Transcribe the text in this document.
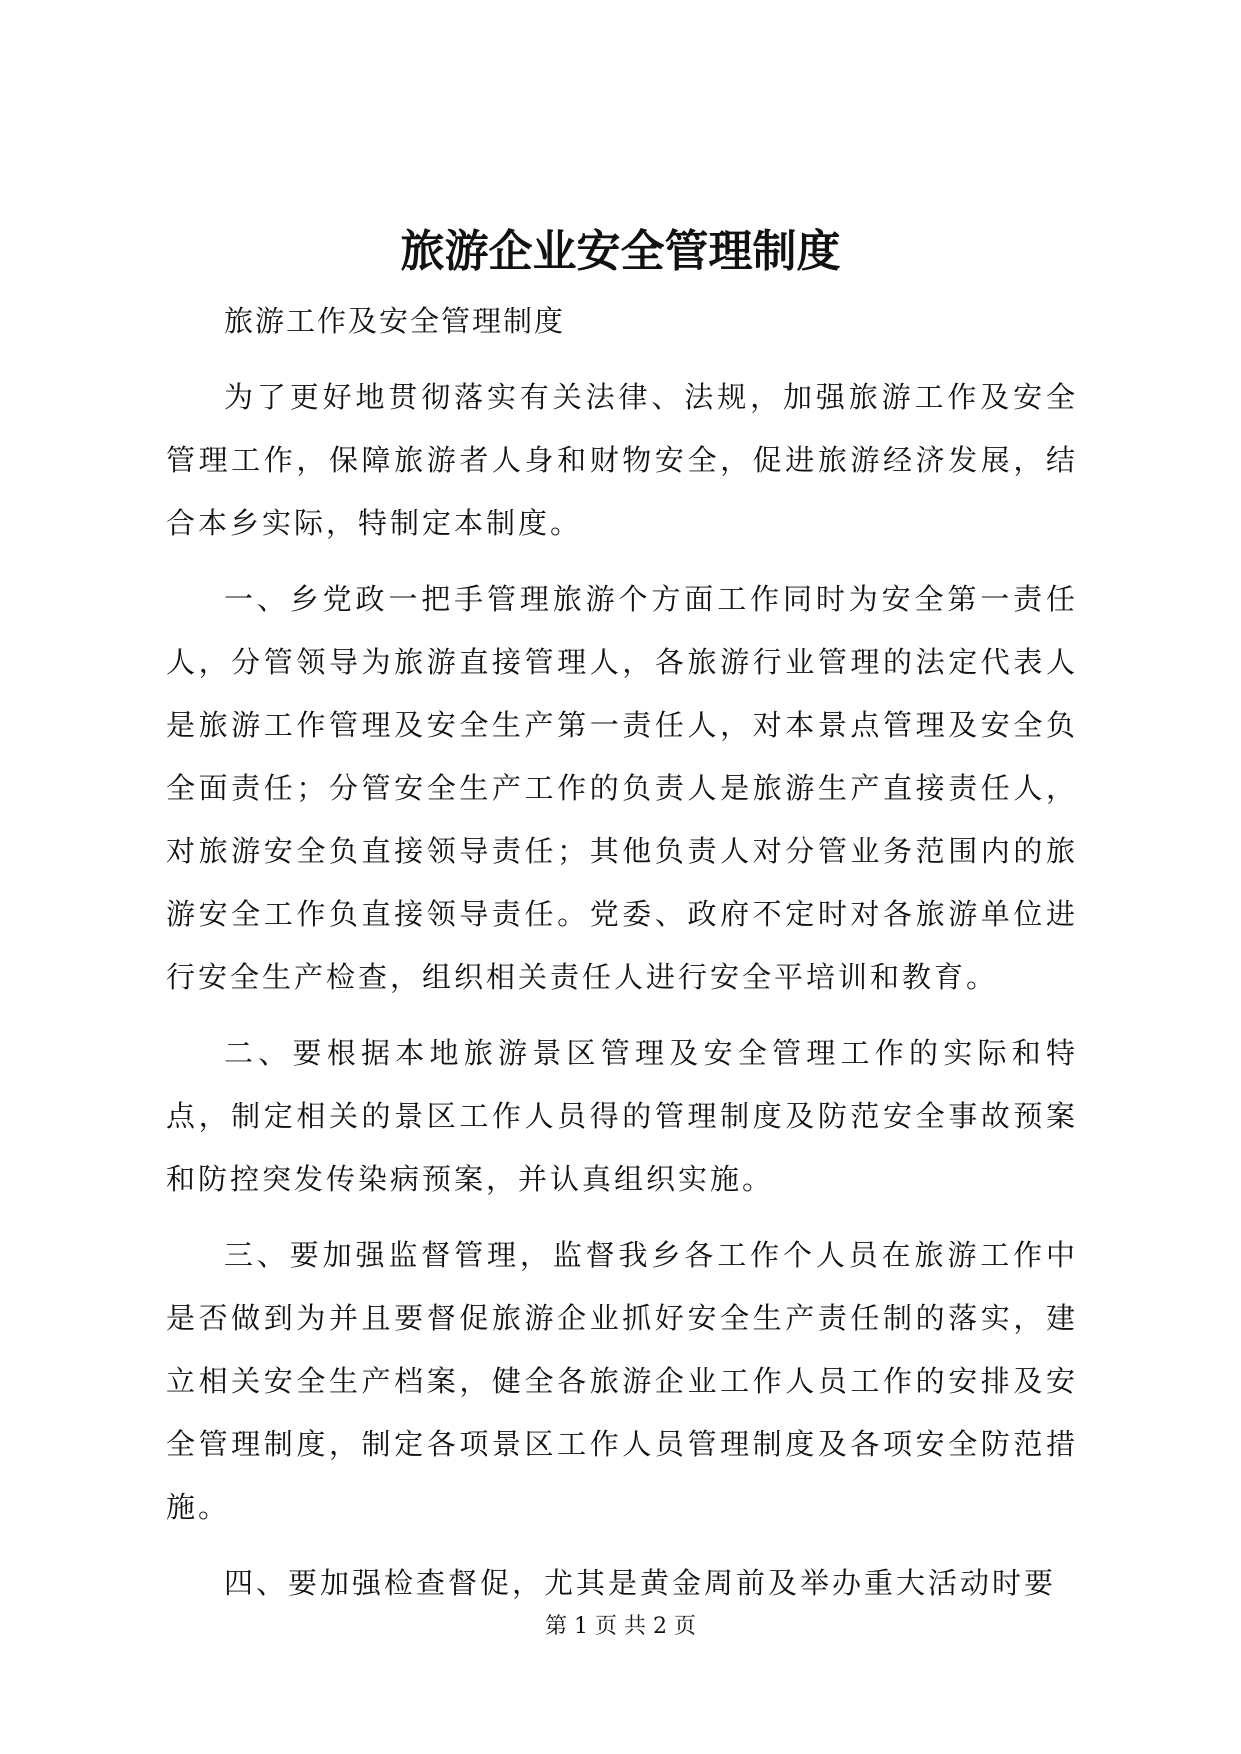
旅游企业安全管理制度

旅游工作及安全管理制度

为了更好地贯彻落实有关法律、法规，加强旅游工作及安全管理工作，保障旅游者人身和财物安全，促进旅游经济发展，结合本乡实际，特制定本制度。

一、乡党政一把手管理旅游个方面工作同时为安全第一责任人，分管领导为旅游直接管理人，各旅游行业管理的法定代表人是旅游工作管理及安全生产第一责任人，对本景点管理及安全负全面责任；分管安全生产工作的负责人是旅游生产直接责任人，对旅游安全负直接领导责任；其他负责人对分管业务范围内的旅游安全工作负直接领导责任。党委、政府不定时对各旅游单位进行安全生产检查，组织相关责任人进行安全平培训和教育。

二、要根据本地旅游景区管理及安全管理工作的实际和特点，制定相关的景区工作人员得的管理制度及防范安全事故预案和防控突发传染病预案，并认真组织实施。

三、要加强监督管理，监督我乡各工作个人员在旅游工作中是否做到为并且要督促旅游企业抓好安全生产责任制的落实，建立相关安全生产档案，健全各旅游企业工作人员工作的安排及安全管理制度，制定各项景区工作人员管理制度及各项安全防范措施。

四、要加强检查督促，尤其是黄金周前及举办重大活动时要

第 1 页 共 2 页
